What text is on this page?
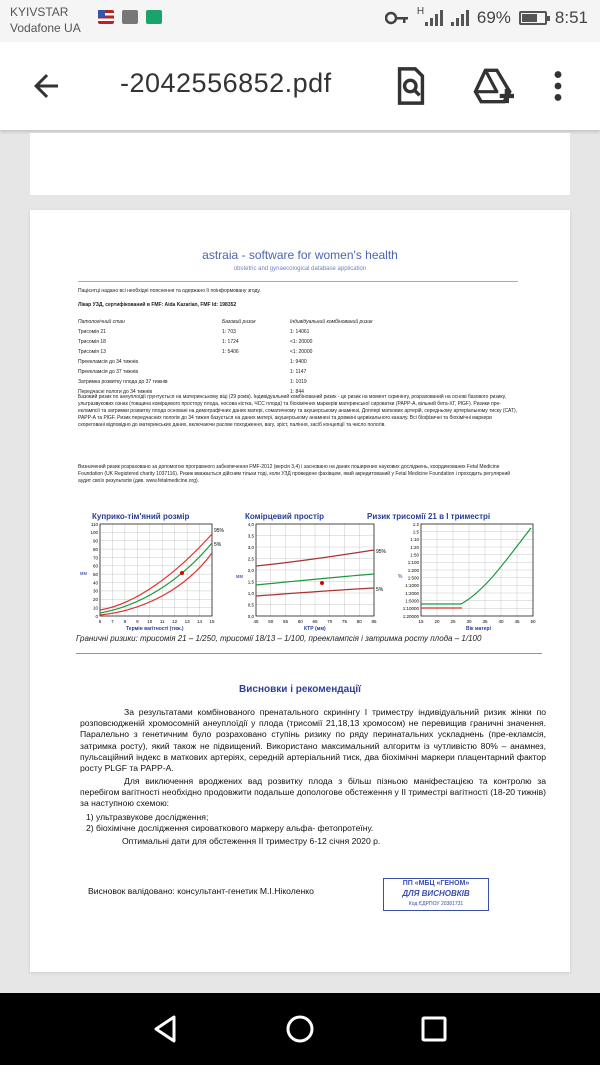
KYIVSTAR
Vodafone UA
H	69%	8:51
-2042556852.pdf
astraia - software for women's health
obstetric and gynaecological database application
Пацієнтці надано всі необхідні пояснення та одержано її поінформовану згоду.
Лікар УЗД, сертифікований в FMF: Aida Kazarian, FMF Id: 198352
Патологічний стан	Базовий ризик	Індивідуальний комбінований ризик
Трисомія 21	1: 703	1: 14061
Трисомія 18	1: 1724	<1: 20000
Трисомія 13	1: 5406	<1: 20000
Преекламсія до 34 тижнів		1: 9400
Преекламсія до 37 тижнів		1: 1147
Затримка розвитку плода до 37 тижнів		1: 1019
Передчасні пологи до 34 тижнів		1: 844
Базовий ризик по анеуплоїдії грунтується на материнському віці (29 років). Індивідуальний комбінований ризик - це ризик на момент скринінгу, розрахований на основі базового ризику, ультразвукових ознак (товщина комірцевого простору плода, носова кістка, ЧСС плода) та біохімічних маркерів материнської сироватки (PAPP-A, вільний бета-ХГ, PlGF). Ризики пре-еклампсії та затримки розвитку плода основані на демографічних даних матері, соматичному та акушерському анамнезі, Доплері маткових артерій, середньому артеріальному тиску (САТ), PAPP-A та PlGF. Ризик передчасних пологів до 34 тижня базується на даних матері, акушерському анамнезі та довжині цервікального каналу. Всі біофізичні та біохімічні маркери скореговані відповідно до материнських даних, включаючи расове походження, вагу, зріст, паління, засіб концепції та число пологів.
Визначений ризик розраховано за допомогою програмного забезпечення FMF-2012 (версія 3,4) і засновано на даних поширених наукових досліджень, координованих Fetal Medicine Foundation (UK Registered charity 1037116). Ризик вважається дійсним тільки тоді, коли УЗД проведене фахівцем, який акредитований у Fetal Medicine Foundation і проходить регулярний аудит своїх результатів (див. www.fetalmedicine.org).
Куприко-тім'яний розмір	Комірцевий простір	Ризик трисомії 21 в І триместрі
95%
5%
мм
110
100
90
80
70
60
50
40
30
20
10
0
6 7 8 9 10 11 12 13 14 15
Термін вагітності (тиж.)
95%
5%
мм
4,0
3,5
3,0
2,5
2,0
1,5
1,0
0,5
0,0
45 50 55 60 65 70 75 80 85
КТР (мм)
%
1:2
1:5
1:10
1:20
1:50
1:100
1:200
1:500
1:1000
1:2000
1:5000
1:10000
1:20000
15 20 25 30 35 40 45 50
Вік матері
Граничні ризики: трисомія 21 – 1/250, трисомії 18/13 – 1/100, прееклампсія і затримка росту плода – 1/100
Висновки і рекомендації
За результатами комбінованого пренатального скринінгу І триместру індивідуальний ризик жінки по розповсюдженій хромосомній анеуплоїдії у плода (трисомії 21,18,13 хромосом) не перевищив граничні значення. Паралельно з генетичним було розраховано ступінь ризику по ряду перинатальних ускладнень (пре-екламсія, затримка росту), який також не підвищений. Використано максимальний алгоритм із чутливістю 80% – анамнез, пульсаційний індекс в маткових артеріях, середній артеріальний тиск, два біохімічні маркери плацентарний фактор росту PLGF та PAPP-A.
Для виключення вроджених вад розвитку плода з більш пізньою маніфестацією та контролю за перебігом вагітності необхідно продовжити подальше допологове обстеження у ІІ триместрі вагітності (18-20 тижнів) за наступною схемою:
1) ультразвукове дослідження;
2) біохімічне дослідження сироваткового маркеру альфа- фетопротеїну.
Оптимальні дати для обстеження ІІ триместру 6-12 січня 2020 р.
Висновок валідовано: консультант-генетик М.І.Ніколенко
ПП «МБЦ «ГЕНОМ»
ДЛЯ ВИСНОВКІВ
Код ЄДРПОУ 20381731
